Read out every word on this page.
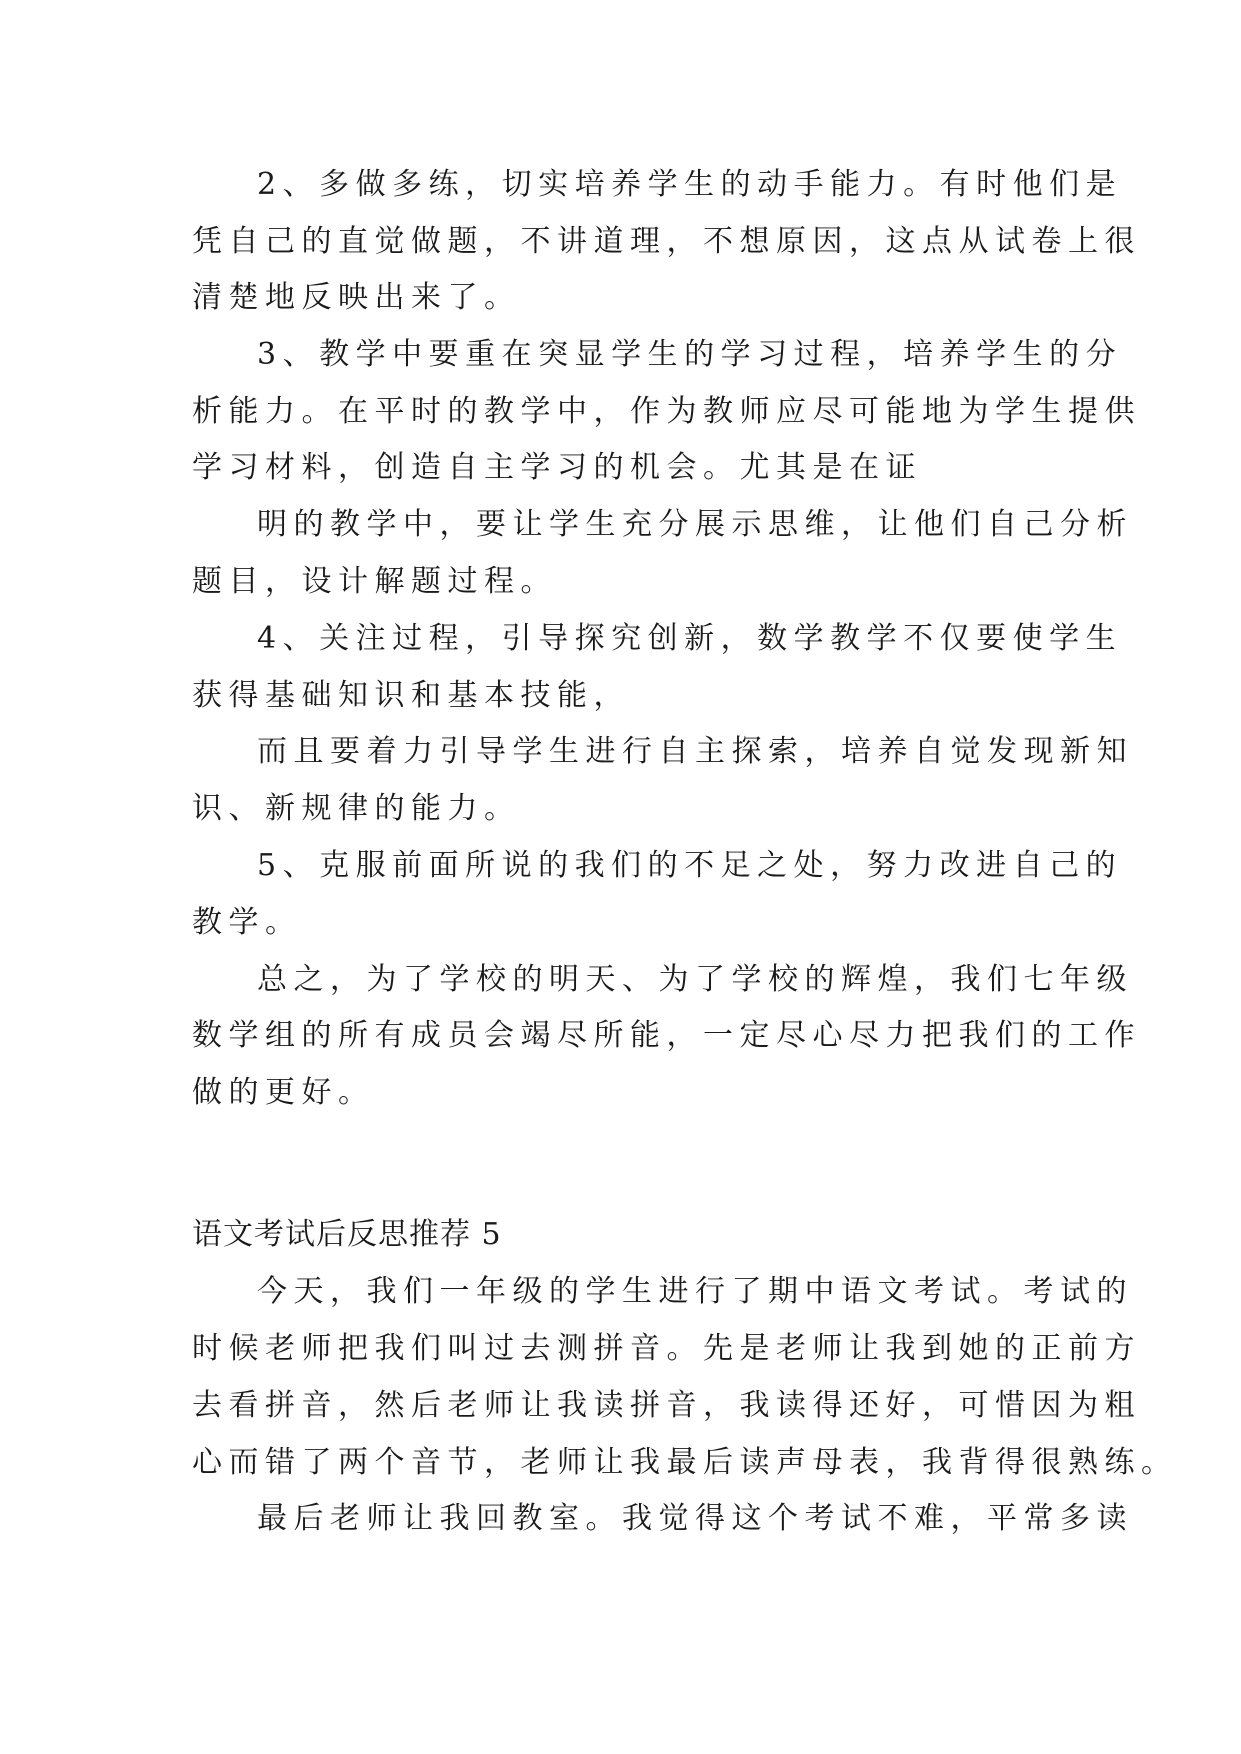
2、多做多练，切实培养学生的动手能力。有时他们是
凭自己的直觉做题，不讲道理，不想原因，这点从试卷上很
清楚地反映出来了。
3、教学中要重在突显学生的学习过程，培养学生的分
析能力。在平时的教学中，作为教师应尽可能地为学生提供
学习材料，创造自主学习的机会。尤其是在证
明的教学中，要让学生充分展示思维，让他们自己分析
题目，设计解题过程。
4、关注过程，引导探究创新，数学教学不仅要使学生
获得基础知识和基本技能，
而且要着力引导学生进行自主探索，培养自觉发现新知
识、新规律的能力。
5、克服前面所说的我们的不足之处，努力改进自己的
教学。
总之，为了学校的明天、为了学校的辉煌，我们七年级
数学组的所有成员会竭尽所能，一定尽心尽力把我们的工作
做的更好。
语文考试后反思推荐 5
今天，我们一年级的学生进行了期中语文考试。考试的
时候老师把我们叫过去测拼音。先是老师让我到她的正前方
去看拼音，然后老师让我读拼音，我读得还好，可惜因为粗
心而错了两个音节，老师让我最后读声母表，我背得很熟练。
最后老师让我回教室。我觉得这个考试不难，平常多读
